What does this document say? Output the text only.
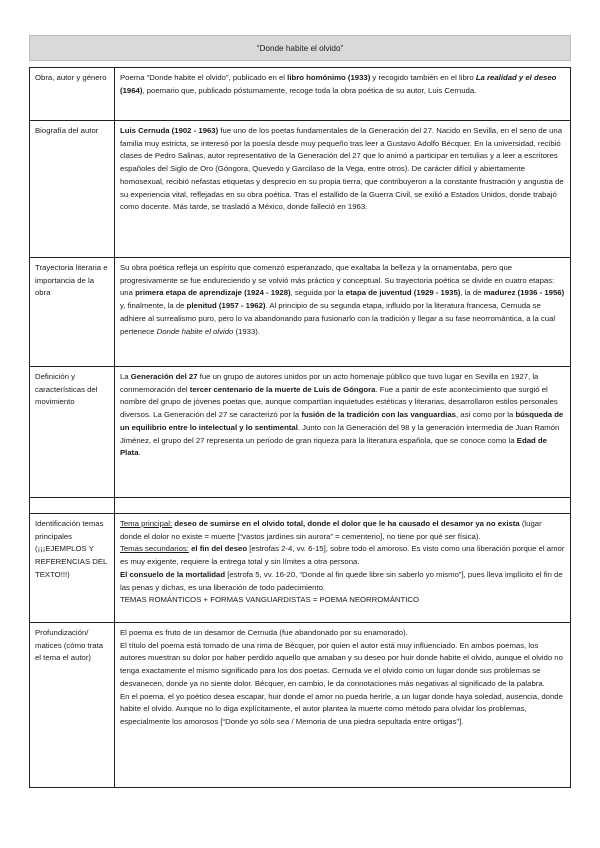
“Donde habite el olvido”
Obra, autor y género	Poema “Donde habite el olvido”, publicado en el libro homónimo (1933) y recogido también en el libro La realidad y el deseo (1964), poemario que, publicado póstumamente, recoge toda la obra poética de su autor, Luis Cernuda.

Biografía del autor	Luis Cernuda (1902 - 1963) fue uno de los poetas fundamentales de la Generación del 27. Nacido en Sevilla, en el seno de una familia muy estricta, se interesó por la poesía desde muy pequeño tras leer a Gustavo Adolfo Bécquer. En la universidad, recibió clases de Pedro Salinas, autor representativo de la Generación del 27 que lo animó a participar en tertulias y a leer a escritores españoles del Siglo de Oro (Góngora, Quevedo y Garcilaso de la Vega, entre otros). De carácter difícil y abiertamente homosexual, recibió nefastas etiquetas y desprecio en su propia tierra, que contribuyeron a la constante frustración y angustia de su experiencia vital, reflejadas en su obra poética. Tras el estallido de la Guerra Civil, se exilió a Estados Unidos, donde trabajó como docente. Más tarde, se trasladó a México, donde falleció en 1963.

Trayectoria literaria e importancia de la obra	Su obra poética refleja un espíritu que comenzó esperanzado, que exaltaba la belleza y la ornamentaba, pero que progresivamente se fue endureciendo y se volvió más práctico y conceptual. Su trayectoria poética se divide en cuatro etapas: una primera etapa de aprendizaje (1924 - 1928), seguida por la etapa de juventud (1929 - 1935), la de madurez (1936 - 1956) y, finalmente, la de plenitud (1957 - 1962). Al principio de su segunda etapa, influido por la literatura francesa, Cernuda se adhiere al surrealismo puro, pero lo va abandonando para fusionarlo con la tradición y llegar a su fase neorromántica, a la cual pertenece Donde habite el olvido (1933).

Definición y características del movimiento	La Generación del 27 fue un grupo de autores unidos por un acto homenaje público que tuvo lugar en Sevilla en 1927, la conmemoración del tercer centenario de la muerte de Luis de Góngora. Fue a partir de este acontecimiento que surgió el nombre del grupo de jóvenes poetas que, aunque compartían inquietudes estéticas y literarias, desarrollaron estilos personales diversos. La Generación del 27 se caracterizó por la fusión de la tradición con las vanguardias, así como por la búsqueda de un equilibrio entre lo intelectual y lo sentimental. Junto con la Generación del 98 y la generación intermedia de Juan Ramón Jiménez, el grupo del 27 representa un período de gran riqueza para la literatura española, que se conoce como la Edad de Plata.

Identificación temas principales (¡¡¡EJEMPLOS Y REFERENCIAS DEL TEXTO!!!)	Tema principal: deseo de sumirse en el olvido total, donde el dolor que le ha causado el desamor ya no exista (lugar donde el dolor no existe = muerte [“vastos jardines sin aurora” = cementerio], no tiene por qué ser física).

Temas secundarios: el fin del deseo [estrofas 2-4, vv. 6-15], sobre todo el amoroso. Es visto como una liberación porque el amor es muy exigente, requiere la entrega total y sin límites a otra persona.

El consuelo de la mortalidad [estrofa 5, vv. 16-20, “Donde al fin quede libre sin saberlo yo mismo”], pues lleva implícito el fin de las penas y dichas, es una liberación de todo padecimiento.

TEMAS ROMÁNTICOS + FORMAS VANGUARDISTAS = POEMA NEORROMÁNTICO

Profundización/ matices (cómo trata el tema el autor)	El poema es fruto de un desamor de Cernuda (fue abandonado por su enamorado).

El título del poema está tomado de una rima de Bécquer, por quien el autor está muy influenciado. En ambos poemas, los autores muestran su dolor por haber perdido aquello que amaban y su deseo por huir donde habite el olvido, aunque el olvido no tenga exactamente el mismo significado para los dos poetas. Cernuda ve el olvido como un lugar donde sus problemas se desvanecen, donde ya no siente dolor. Bécquer, en cambio, le da connotaciones más negativas al significado de la palabra.

En el poema, el yo poético desea escapar, huir donde el amor no pueda herirle, a un lugar donde haya soledad, ausencia, donde habite el olvido. Aunque no lo diga explícitamente, el autor plantea la muerte como método para olvidar los problemas, especialmente los amorosos [“Donde yo sólo sea / Memoria de una piedra sepultada entre ortigas”].
